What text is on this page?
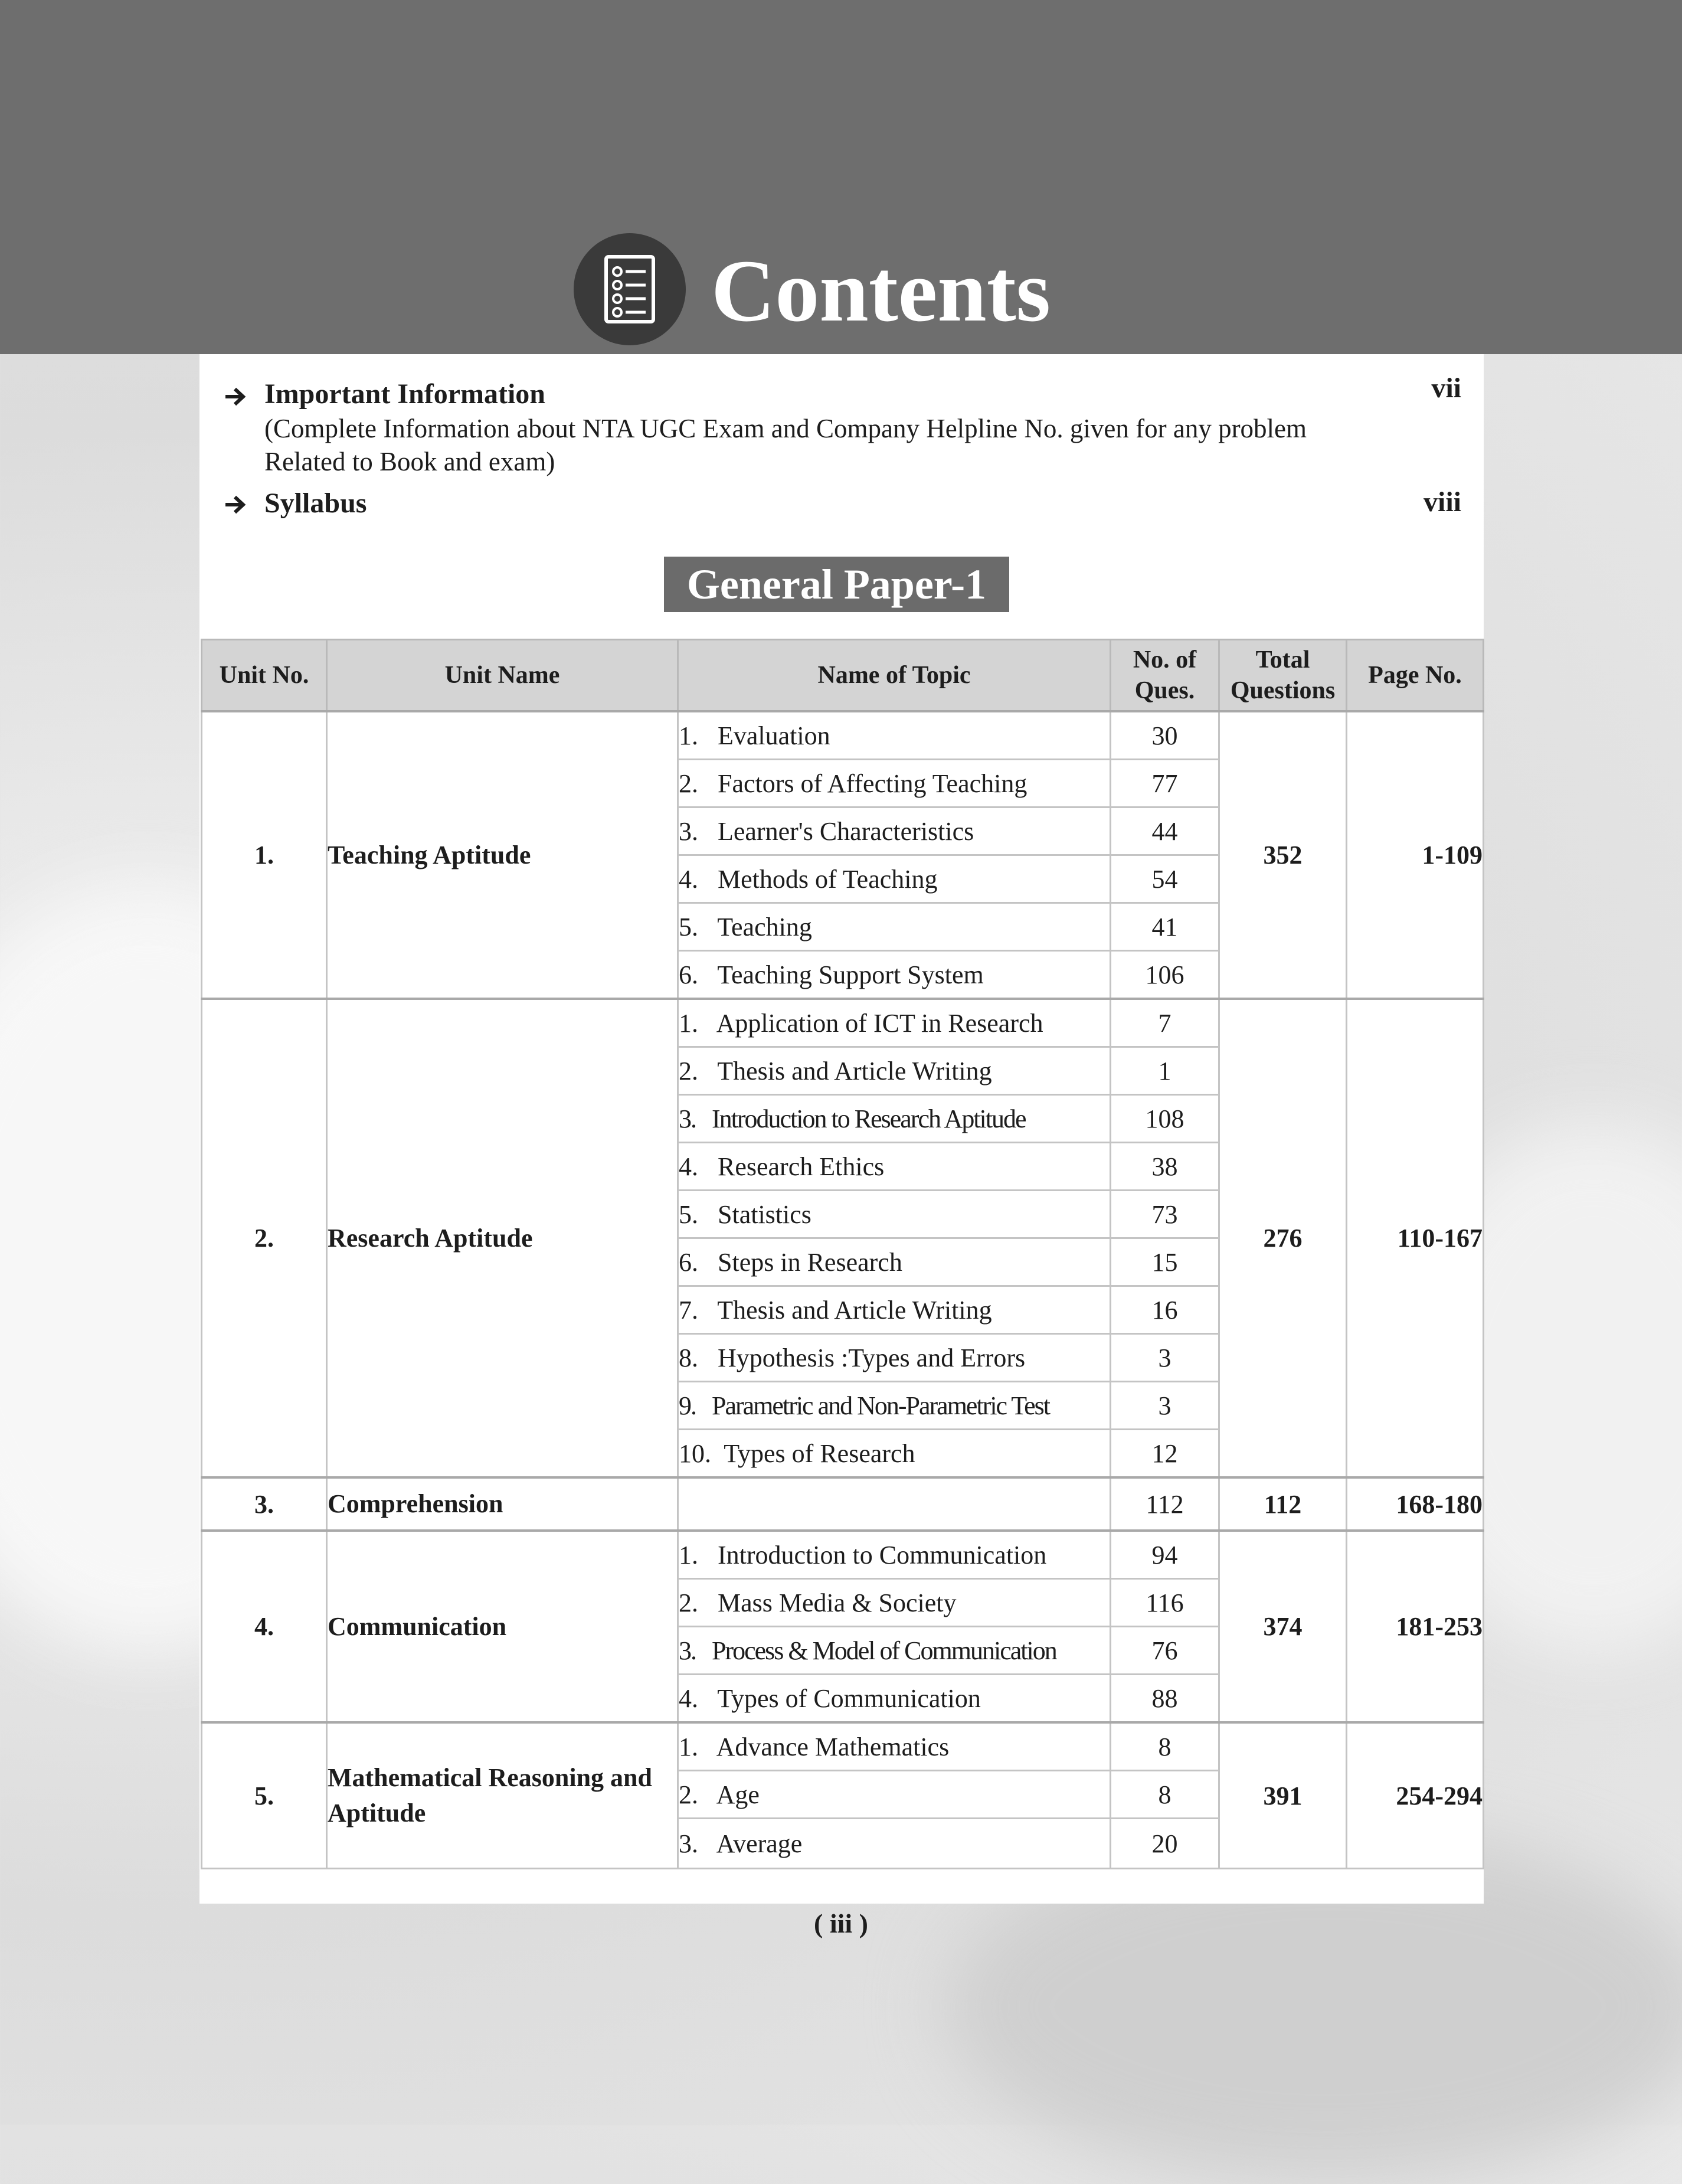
Contents
Important Information
(Complete Information about NTA UGC Exam and Company Helpline No. given for any problem Related to Book and exam)
vii
Syllabus	viii
General Paper-1
Unit No.	Unit Name	Name of Topic	No. of Ques.	Total Questions	Page No.
1.	Teaching Aptitude	1.   Evaluation	30	352	1-109
		2.   Factors of Affecting Teaching	77		
		3.   Learner's Characteristics	44		
		4.   Methods of Teaching	54		
		5.   Teaching	41		
		6.   Teaching Support System	106		
2.	Research Aptitude	1.   Application of ICT in Research	7	276	110-167
		2.   Thesis and Article Writing	1		
		3.   Introduction to Research Aptitude	108		
		4.   Research Ethics	38		
		5.   Statistics	73		
		6.   Steps in Research	15		
		7.   Thesis and Article Writing	16		
		8.   Hypothesis :Types and Errors	3		
		9.   Parametric and Non-Parametric Test	3		
		10.  Types of Research	12		
3.	Comprehension		112	112	168-180
4.	Communication	1.   Introduction to Communication	94	374	181-253
		2.   Mass Media & Society	116		
		3.   Process & Model of Communication	76		
		4.   Types of Communication	88		
5.	Mathematical Reasoning and Aptitude	1.   Advance Mathematics	8	391	254-294
		2.   Age	8		
		3.   Average	20		
( iii )
